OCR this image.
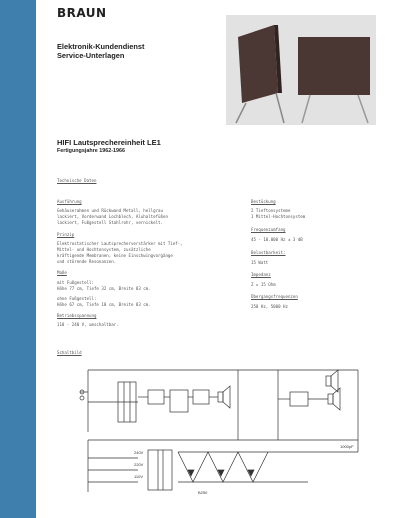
BRAUN
Elektronik-Kundendienst
Service-Unterlagen
HIFI Lautsprechereinheit LE1
Fertigungsjahre 1962-1966
Technische Daten
Ausführung
Gehäuserahmen und Rückwand Metall, hellgrau
lackiert, Vorderwand Lochblech, Aluhaltefüßen
lackiert, Fußgestell Stahlrohr, vernickelt.
Prinzip
Elektrostatischer Lautsprecherverstärker mit Tief-,
Mittel- und Hochtonsystem, zusätzliche
kräftigende Membranen, keine Einschwingvorgänge
und störende Resonanzen.
Maße
mit Fußgestell:
Höhe 77 cm, Tiefe 32 cm, Breite 83 cm.
ohne Fußgestell:
Höhe 67 cm, Tiefe 10 cm, Breite 83 cm.
Betriebsspannung
110 - 240 V, umschaltbar.
Bestückung
2 Tieftonsysteme
1 Mittel-Hochtonsystem
Frequenzumfang
45 - 18.000 Hz ± 3 dB
Belastbarkeit:
15 Watt
Impedanz
Z = 15 Ohm
Übergangsfrequenzen
250 Hz, 5000 Hz
Schaltbild
240V
220V
110V
1000pF
B250
